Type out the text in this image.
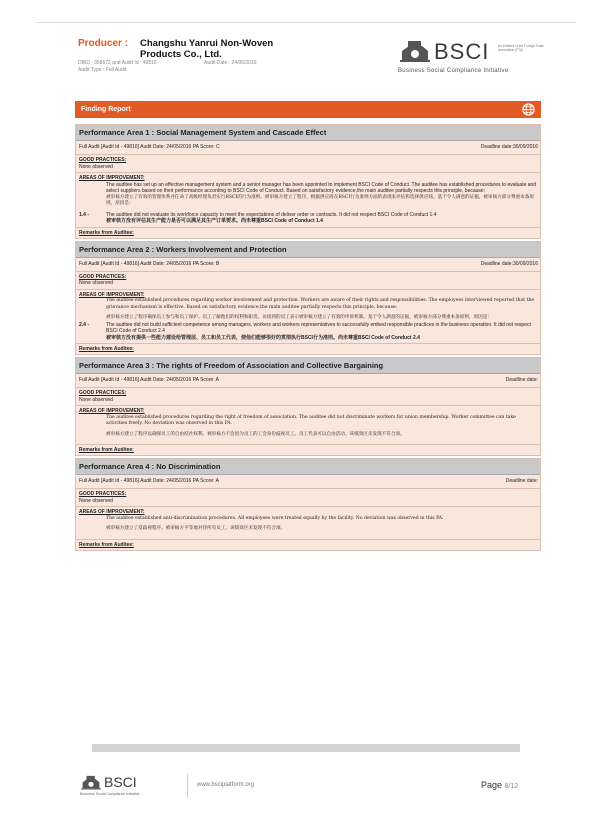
Producer : Changshu Yanrui Non-Woven Products Co., Ltd.
DBID : 358672 and Audit Id : 49816	Audit Date : 24/05/2016
Audit Type : Full Audit
BSCI	An initiative of the Foreign Trade Association (FTA)
Business Social Compliance Initiative
Finding Report
Performance Area 1 : Social Management System and Cascade Effect
Full Audit [Audit Id - 49816] Audit Date: 24/05/2016 PA Score: C	Deadline date:30/09/2016
GOOD PRACTICES:
None observed
AREAS OF IMPROVEMENT:
The auditee has set up an effective management system and a senior manager has been appointed to implement BSCI Code of Conduct. The auditee has established procedures to evaluate and select suppliers based on their performance according to BSCI Code of Conduct. Based on satisfactory evidence,the main auditee partially respects this principle, because:
被审核方建立了有效的管理体系并任命了高级经理负责实行BSCI的行为准则。被审核方建立了程序，根据供应商在BSCI行为准则方面的表现来评估和选择供应商。基于令人满意的证据，被审核方部分尊重本条原则，原因是：
1.4 -	The auditee did not evaluate its workforce capacity to meet the expectations of deliver order or contracts. It did not respect BSCI Code of Conduct 1.4
被审核方没有评估其生产能力是否可以满足其生产订单要求。尚未尊重BSCI Code of Conduct 1.4
Remarks from Auditee:
Performance Area 2 : Workers Involvement and Protection
Full Audit [Audit Id - 49816] Audit Date: 24/05/2016 PA Score: B	Deadline date:30/09/2016
GOOD PRACTICES:
None observed
AREAS OF IMPROVEMENT:
The auditee established procedures regarding worker involvement and protection. Workers are aware of their rights and responsibilities. The employees interviewed reported that the grievance mechanism is effective. Based on satisfactory evidence,the main auditee partially respects this principle, because:
被审核方建立了程序确保员工参与和员工保护。员工了解他们的权利和职责。访谈到的员工表示被审核方建立了有效的申诉机制。基于令人满意的证据，被审核方部分尊重本条原则，原因是：
2.4 -	The auditee did not build sufficient competence among managers, workers and workers representatives to successfully embed responsible practices in the business operation. It did not respect BSCI Code of Conduct 2.4
被审核方没有提供一些能力建设给管理层、员工和员工代表，使他们能够很好的贯彻执行BSCI行为准则。尚未尊重BSCI Code of Conduct 2.4
Remarks from Auditee:
Performance Area 3 : The rights of Freedom of Association and Collective Bargaining
Full Audit [Audit Id - 49816] Audit Date: 24/05/2016 PA Score: A	Deadline date:
GOOD PRACTICES:
None observed
AREAS OF IMPROVEMENT:
The auditee established procedures regarding the right of freedom of association. The auditee did not discriminate workers for union membership. Worker committee can take activities freely. No deviation was observed in this PA.
被审核方建立了程序以确保员工的自由结社权利。被审核方不会因为员工的工会身份歧视员工。员工代表可以自由活动。该绩效区未发现不符合项。
Remarks from Auditee:
Performance Area 4 : No Discrimination
Full Audit [Audit Id - 49816] Audit Date: 24/05/2016 PA Score: A	Deadline date:
GOOD PRACTICES:
None observed
AREAS OF IMPROVEMENT:
The auditee established anti-discrimination procedures. All employees were treated equally by the facility. No deviation was observed in this PA.
被审核方建立了反歧视程序。被审核方平等地对待所有员工。该绩效区未发现不符合项。
Remarks from Auditee:
BSCI
Business Social Compliance Initiative
www.bsciplatform.org	Page 8/12
